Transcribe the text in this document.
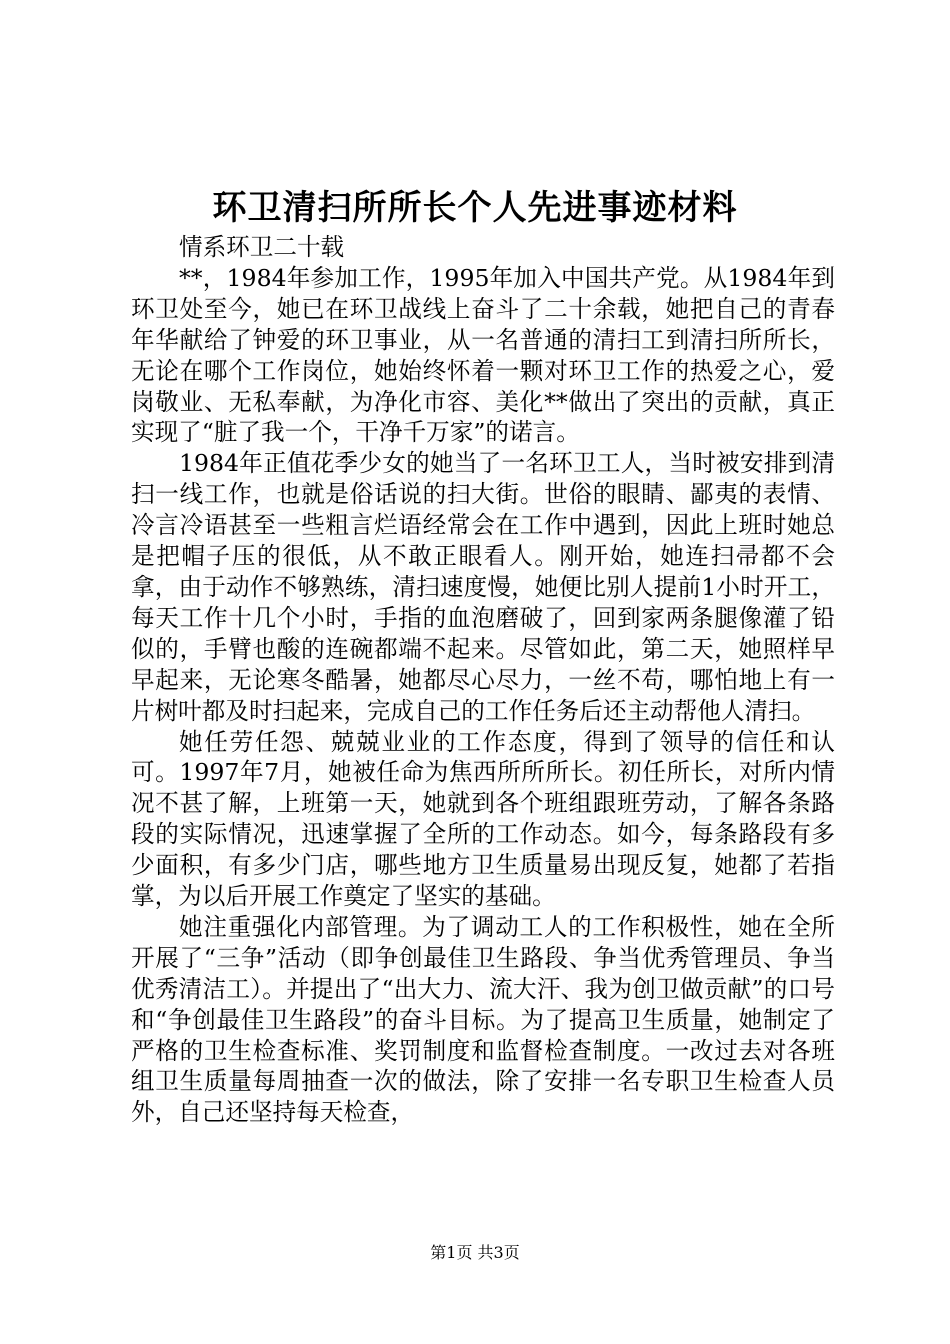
环卫清扫所所长个人先进事迹材料

情系环卫二十载

**，1984年参加工作，1995年加入中国共产党。从1984年到环卫处至今，她已在环卫战线上奋斗了二十余载，她把自己的青春年华献给了钟爱的环卫事业，从一名普通的清扫工到清扫所所长，无论在哪个工作岗位，她始终怀着一颗对环卫工作的热爱之心，爱岗敬业、无私奉献，为净化市容、美化**做出了突出的贡献，真正实现了“脏了我一个，干净千万家”的诺言。

1984年正值花季少女的她当了一名环卫工人，当时被安排到清扫一线工作，也就是俗话说的扫大街。世俗的眼睛、鄙夷的表情、冷言冷语甚至一些粗言烂语经常会在工作中遇到，因此上班时她总是把帽子压的很低，从不敢正眼看人。刚开始，她连扫帚都不会拿，由于动作不够熟练，清扫速度慢，她便比别人提前1小时开工，每天工作十几个小时，手指的血泡磨破了，回到家两条腿像灌了铅似的，手臂也酸的连碗都端不起来。尽管如此，第二天，她照样早早起来，无论寒冬酷暑，她都尽心尽力，一丝不苟，哪怕地上有一片树叶都及时扫起来，完成自己的工作任务后还主动帮他人清扫。

她任劳任怨、兢兢业业的工作态度，得到了领导的信任和认可。1997年7月，她被任命为焦西所所所长。初任所长，对所内情况不甚了解，上班第一天，她就到各个班组跟班劳动，了解各条路段的实际情况，迅速掌握了全所的工作动态。如今，每条路段有多少面积，有多少门店，哪些地方卫生质量易出现反复，她都了若指掌，为以后开展工作奠定了坚实的基础。

她注重强化内部管理。为了调动工人的工作积极性，她在全所开展了“三争”活动（即争创最佳卫生路段、争当优秀管理员、争当优秀清洁工）。并提出了“出大力、流大汗、我为创卫做贡献”的口号和“争创最佳卫生路段”的奋斗目标。为了提高卫生质量，她制定了严格的卫生检查标准、奖罚制度和监督检查制度。一改过去对各班组卫生质量每周抽查一次的做法，除了安排一名专职卫生检查人员外，自己还坚持每天检查，

第1页 共3页
